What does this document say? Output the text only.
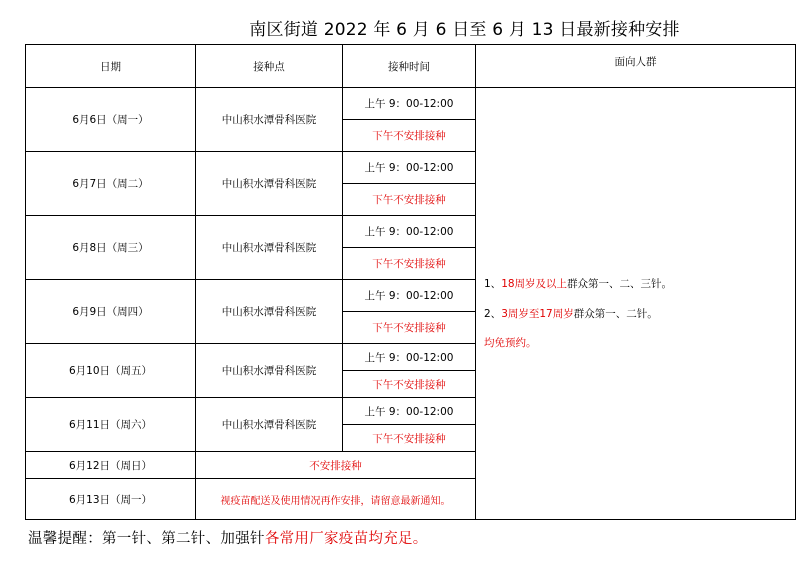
南区街道 2022 年 6 月 6 日至 6 月 13 日最新接种安排
日期	接种点	接种时间	面向人群
6月6日（周一）	中山积水潭骨科医院	上午 9：00-12:00	1、18周岁及以上群众第一、二、三针。

2、3周岁至17周岁群众第一、二针。

均免预约。

		下午不安排接种	
6月7日（周二）	中山积水潭骨科医院	上午 9：00-12:00	
		下午不安排接种	
6月8日（周三）	中山积水潭骨科医院	上午 9：00-12:00	
		下午不安排接种	
6月9日（周四）	中山积水潭骨科医院	上午 9：00-12:00	
		下午不安排接种	
6月10日（周五）	中山积水潭骨科医院	上午 9：00-12:00	
		下午不安排接种	
6月11日（周六）	中山积水潭骨科医院	上午 9：00-12:00	
		下午不安排接种	
6月12日（周日）	不安排接种		
6月13日（周一）	视疫苗配送及使用情况再作安排，请留意最新通知。		
温馨提醒：第一针、第二针、加强针各常用厂家疫苗均充足。
